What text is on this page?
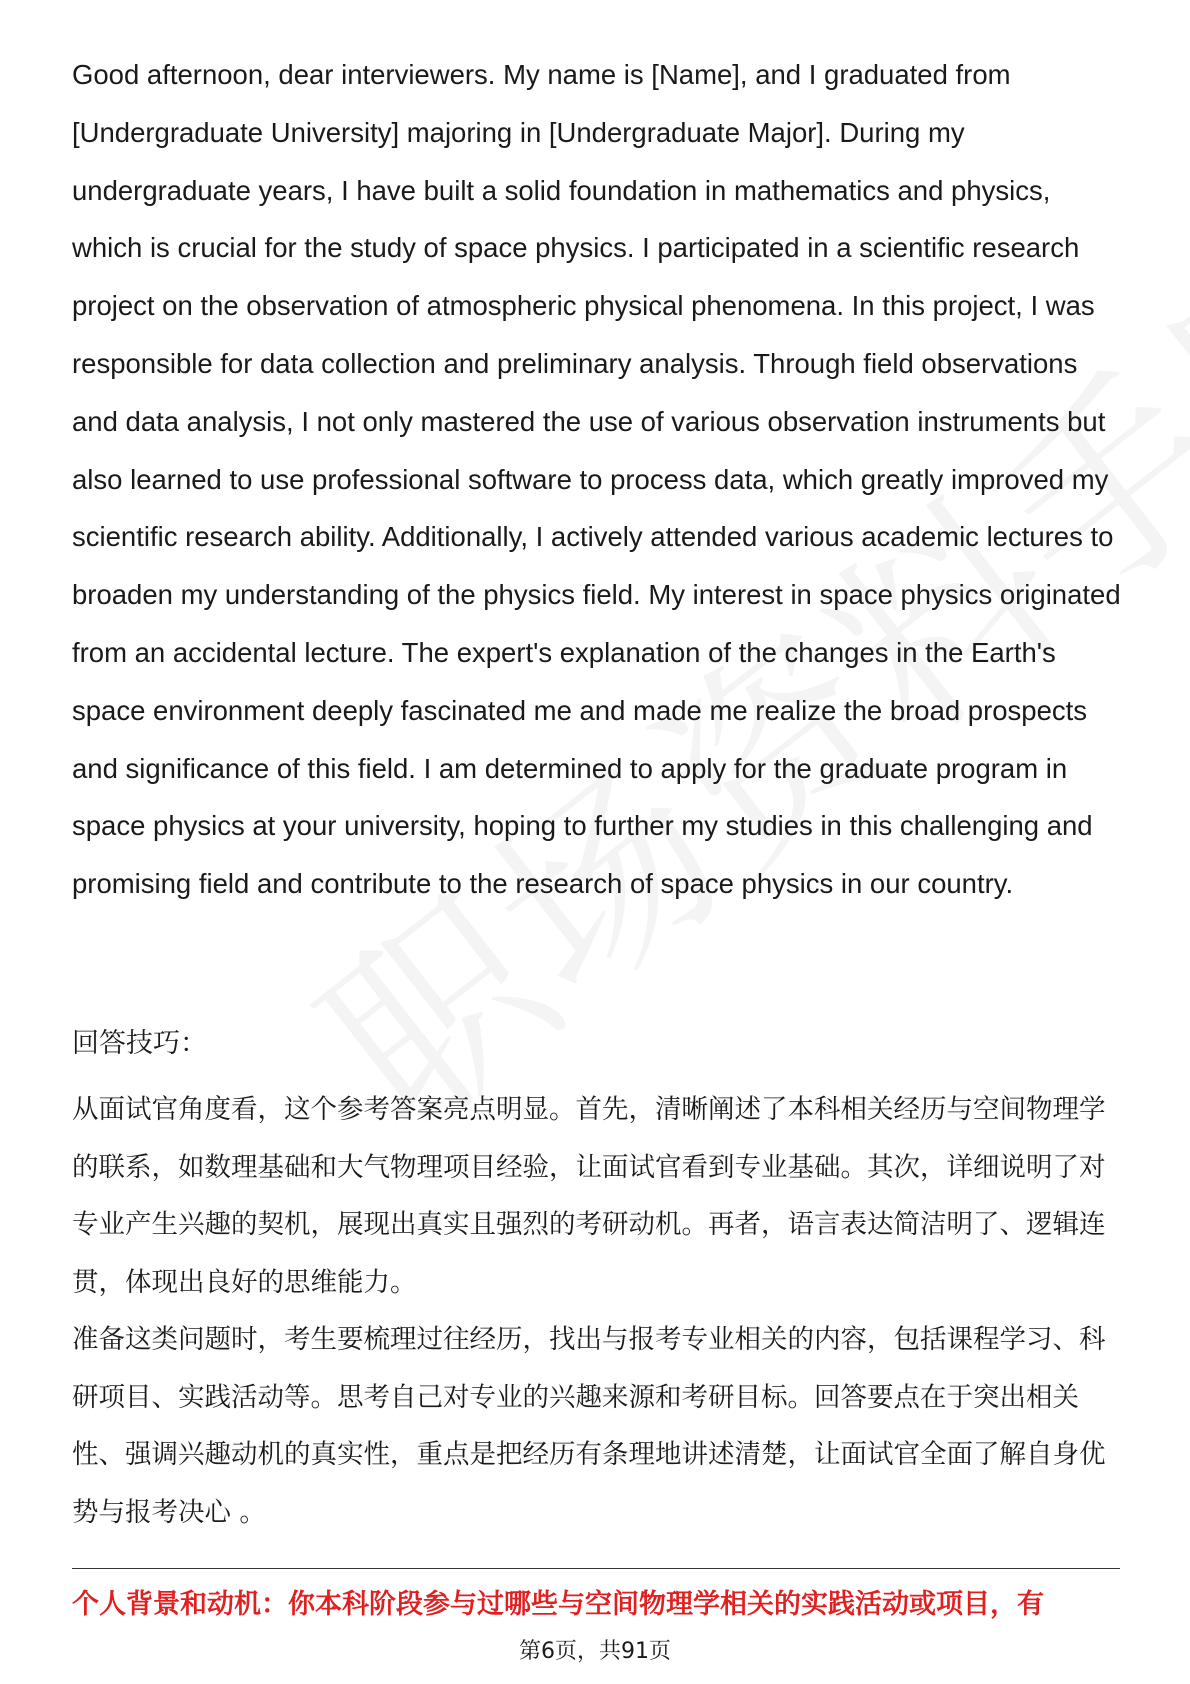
Good afternoon, dear interviewers. My name is [Name], and I graduated from [Undergraduate University] majoring in [Undergraduate Major]. During my undergraduate years, I have built a solid foundation in mathematics and physics, which is crucial for the study of space physics. I participated in a scientific research project on the observation of atmospheric physical phenomena. In this project, I was responsible for data collection and preliminary analysis. Through field observations and data analysis, I not only mastered the use of various observation instruments but also learned to use professional software to process data, which greatly improved my scientific research ability. Additionally, I actively attended various academic lectures to broaden my understanding of the physics field. My interest in space physics originated from an accidental lecture. The expert's explanation of the changes in the Earth's space environment deeply fascinated me and made me realize the broad prospects and significance of this field. I am determined to apply for the graduate program in space physics at your university, hoping to further my studies in this challenging and promising field and contribute to the research of space physics in our country.

回答技巧：

从面试官角度看，这个参考答案亮点明显。首先，清晰阐述了本科相关经历与空间物理学的联系，如数理基础和大气物理项目经验，让面试官看到专业基础。其次，详细说明了对专业产生兴趣的契机，展现出真实且强烈的考研动机。再者，语言表达简洁明了、逻辑连贯，体现出良好的思维能力。

准备这类问题时，考生要梳理过往经历，找出与报考专业相关的内容，包括课程学习、科研项目、实践活动等。思考自己对专业的兴趣来源和考研目标。回答要点在于突出相关性、强调兴趣动机的真实性，重点是把经历有条理地讲述清楚，让面试官全面了解自身优势与报考决心 。

个人背景和动机：你本科阶段参与过哪些与空间物理学相关的实践活动或项目，有

第6页，共91页
